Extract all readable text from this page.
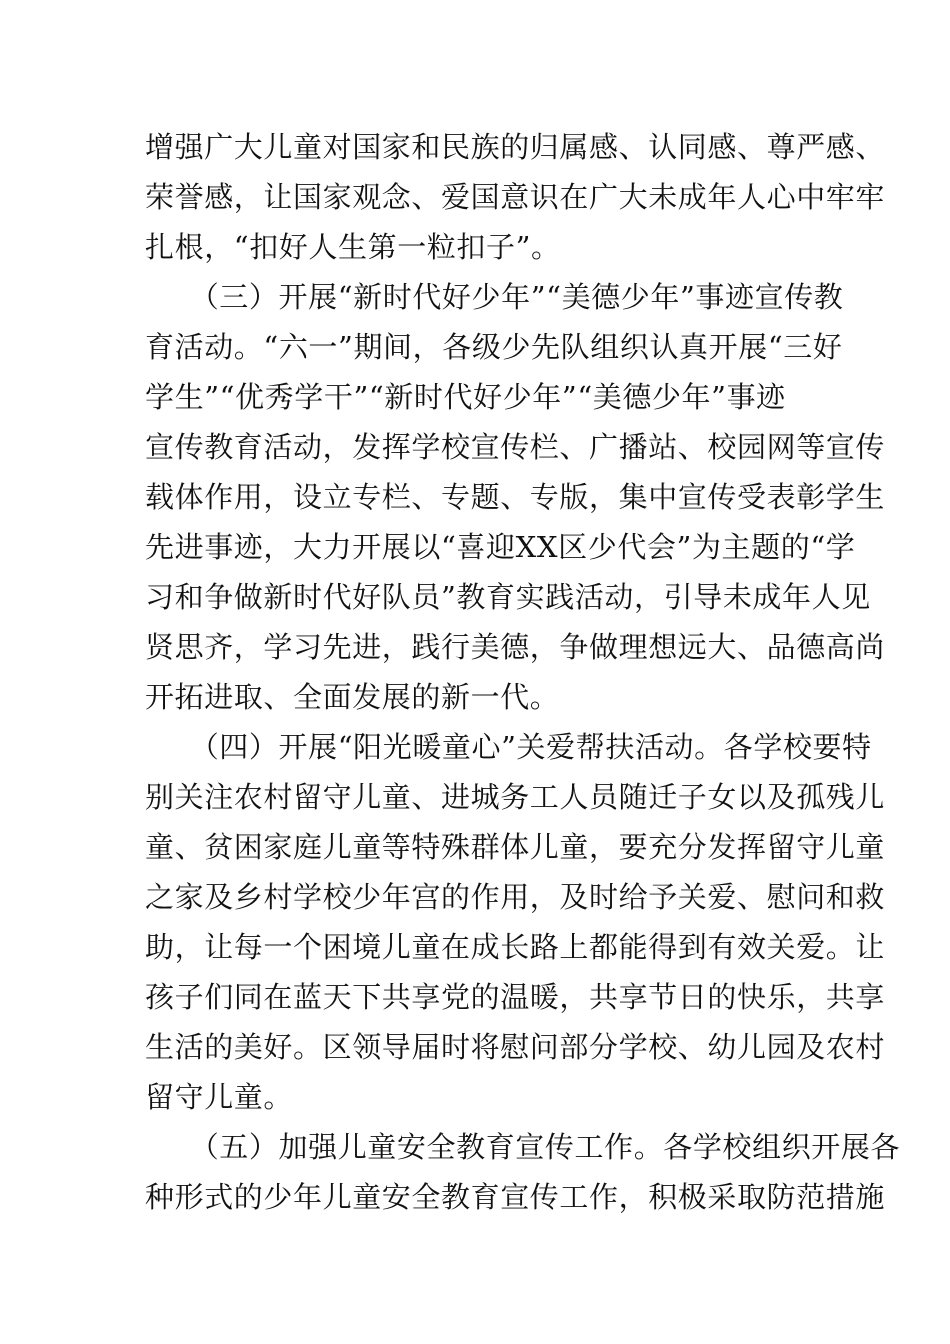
增强广大儿童对国家和民族的归属感、认同感、尊严感、
荣誉感，让国家观念、爱国意识在广大未成年人心中牢牢
扎根，“扣好人生第一粒扣子”。
　　（三）开展“新时代好少年”“美德少年”事迹宣传教
育活动。“六一”期间，各级少先队组织认真开展“三好
学生”“优秀学干”“新时代好少年”“美德少年”事迹
宣传教育活动，发挥学校宣传栏、广播站、校园网等宣传
载体作用，设立专栏、专题、专版，集中宣传受表彰学生
先进事迹，大力开展以“喜迎XX区少代会”为主题的“学
习和争做新时代好队员”教育实践活动，引导未成年人见
贤思齐，学习先进，践行美德，争做理想远大、品德高尚
开拓进取、全面发展的新一代。
　　（四）开展“阳光暖童心”关爱帮扶活动。各学校要特
别关注农村留守儿童、进城务工人员随迁子女以及孤残儿
童、贫困家庭儿童等特殊群体儿童，要充分发挥留守儿童
之家及乡村学校少年宫的作用，及时给予关爱、慰问和救
助，让每一个困境儿童在成长路上都能得到有效关爱。让
孩子们同在蓝天下共享党的温暖，共享节日的快乐，共享
生活的美好。区领导届时将慰问部分学校、幼儿园及农村
留守儿童。
　　（五）加强儿童安全教育宣传工作。各学校组织开展各
种形式的少年儿童安全教育宣传工作，积极采取防范措施
